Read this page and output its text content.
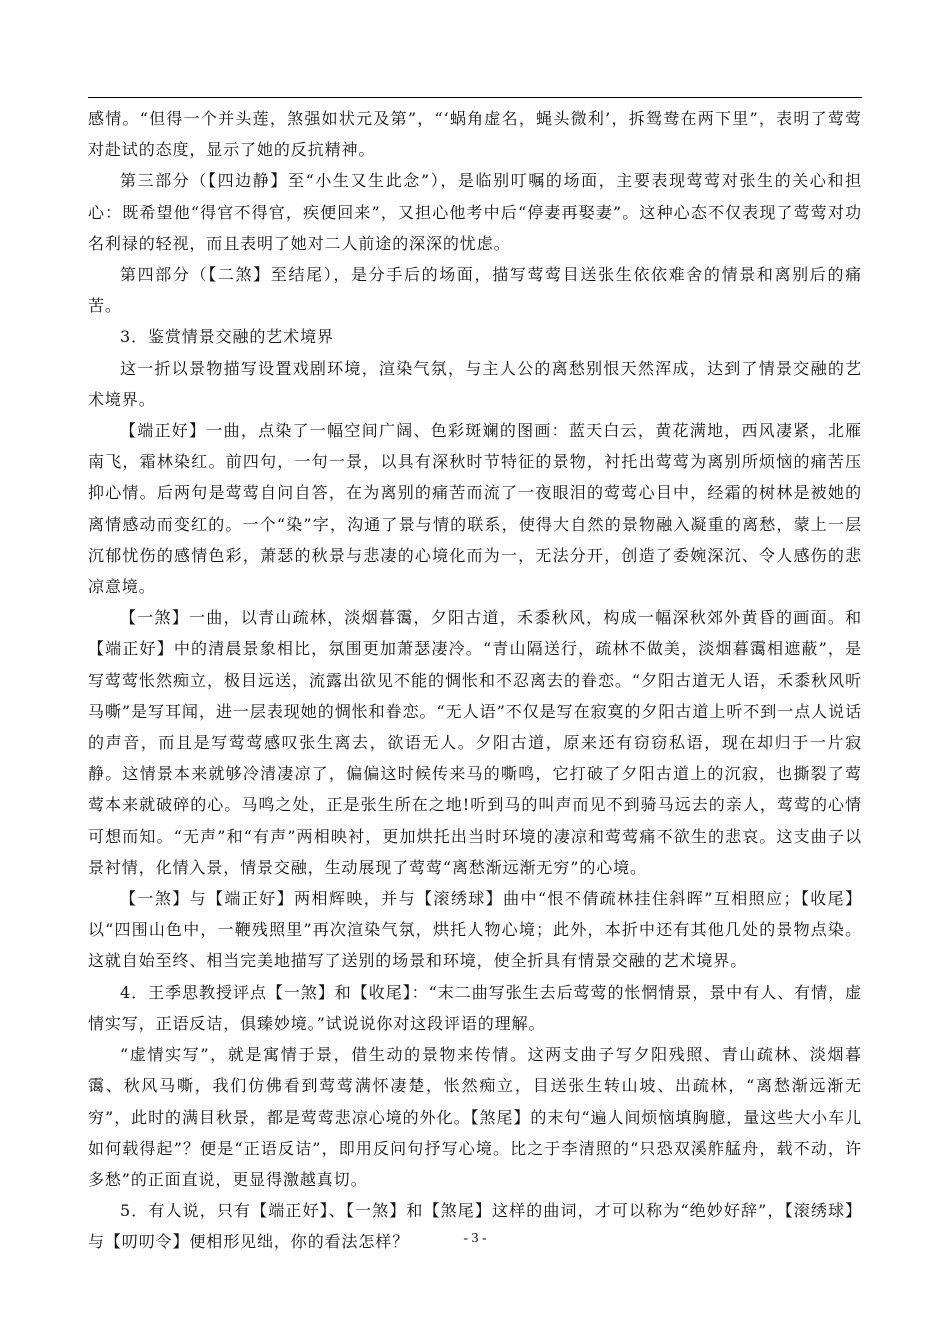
感情。“但得一个并头莲，煞强如状元及第”，“‘蜗角虚名，蝇头微利’，拆鸳鸯在两下里”，表明了莺莺对赴试的态度，显示了她的反抗精神。

第三部分（【四边静】至“小生又生此念”），是临别叮嘱的场面，主要表现莺莺对张生的关心和担心：既希望他“得官不得官，疾便回来”，又担心他考中后“停妻再娶妻”。这种心态不仅表现了莺莺对功名利禄的轻视，而且表明了她对二人前途的深深的忧虑。

第四部分（【二煞】至结尾），是分手后的场面，描写莺莺目送张生依依难舍的情景和离别后的痛苦。

3．鉴赏情景交融的艺术境界

这一折以景物描写设置戏剧环境，渲染气氛，与主人公的离愁别恨天然浑成，达到了情景交融的艺术境界。

【端正好】一曲，点染了一幅空间广阔、色彩斑斓的图画：蓝天白云，黄花满地，西风凄紧，北雁南飞，霜林染红。前四句，一句一景，以具有深秋时节特征的景物，衬托出莺莺为离别所烦恼的痛苦压抑心情。后两句是莺莺自问自答，在为离别的痛苦而流了一夜眼泪的莺莺心目中，经霜的树林是被她的离情感动而变红的。一个“染”字，沟通了景与情的联系，使得大自然的景物融入凝重的离愁，蒙上一层沉郁忧伤的感情色彩，萧瑟的秋景与悲凄的心境化而为一，无法分开，创造了委婉深沉、令人感伤的悲凉意境。

【一煞】一曲，以青山疏林，淡烟暮霭，夕阳古道，禾黍秋风，构成一幅深秋郊外黄昏的画面。和【端正好】中的清晨景象相比，氛围更加萧瑟凄冷。“青山隔送行，疏林不做美，淡烟暮霭相遮蔽”，是写莺莺怅然痴立，极目远送，流露出欲见不能的惆怅和不忍离去的眷恋。“夕阳古道无人语，禾黍秋风听马嘶”是写耳闻，进一层表现她的惆怅和眷恋。“无人语”不仅是写在寂寞的夕阳古道上听不到一点人说话的声音，而且是写莺莺感叹张生离去，欲语无人。夕阳古道，原来还有窃窃私语，现在却归于一片寂静。这情景本来就够冷清凄凉了，偏偏这时候传来马的嘶鸣，它打破了夕阳古道上的沉寂，也撕裂了莺莺本来就破碎的心。马鸣之处，正是张生所在之地!听到马的叫声而见不到骑马远去的亲人，莺莺的心情可想而知。“无声”和“有声”两相映衬，更加烘托出当时环境的凄凉和莺莺痛不欲生的悲哀。这支曲子以景衬情，化情入景，情景交融，生动展现了莺莺“离愁渐远渐无穷”的心境。

【一煞】与【端正好】两相辉映，并与【滚绣球】曲中“恨不倩疏林挂住斜晖”互相照应；【收尾】以“四围山色中，一鞭残照里”再次渲染气氛，烘托人物心境；此外，本折中还有其他几处的景物点染。这就自始至终、相当完美地描写了送别的场景和环境，使全折具有情景交融的艺术境界。

4．王季思教授评点【一煞】和【收尾】：“末二曲写张生去后莺莺的怅惘情景，景中有人、有情，虚情实写，正语反诘，俱臻妙境。”试说说你对这段评语的理解。

“虚情实写”，就是寓情于景，借生动的景物来传情。这两支曲子写夕阳残照、青山疏林、淡烟暮霭、秋风马嘶，我们仿佛看到莺莺满怀凄楚，怅然痴立，目送张生转山坡、出疏林，“离愁渐远渐无穷”，此时的满目秋景，都是莺莺悲凉心境的外化。【煞尾】的末句“遍人间烦恼填胸臆，量这些大小车儿如何载得起”？便是“正语反诘”，即用反问句抒写心境。比之于李清照的“只恐双溪舴艋舟，载不动，许多愁”的正面直说，更显得激越真切。

5．有人说，只有【端正好】、【一煞】和【煞尾】这样的曲词，才可以称为“绝妙好辞”，【滚绣球】与【叨叨令】便相形见绌，你的看法怎样？	- 3 -
